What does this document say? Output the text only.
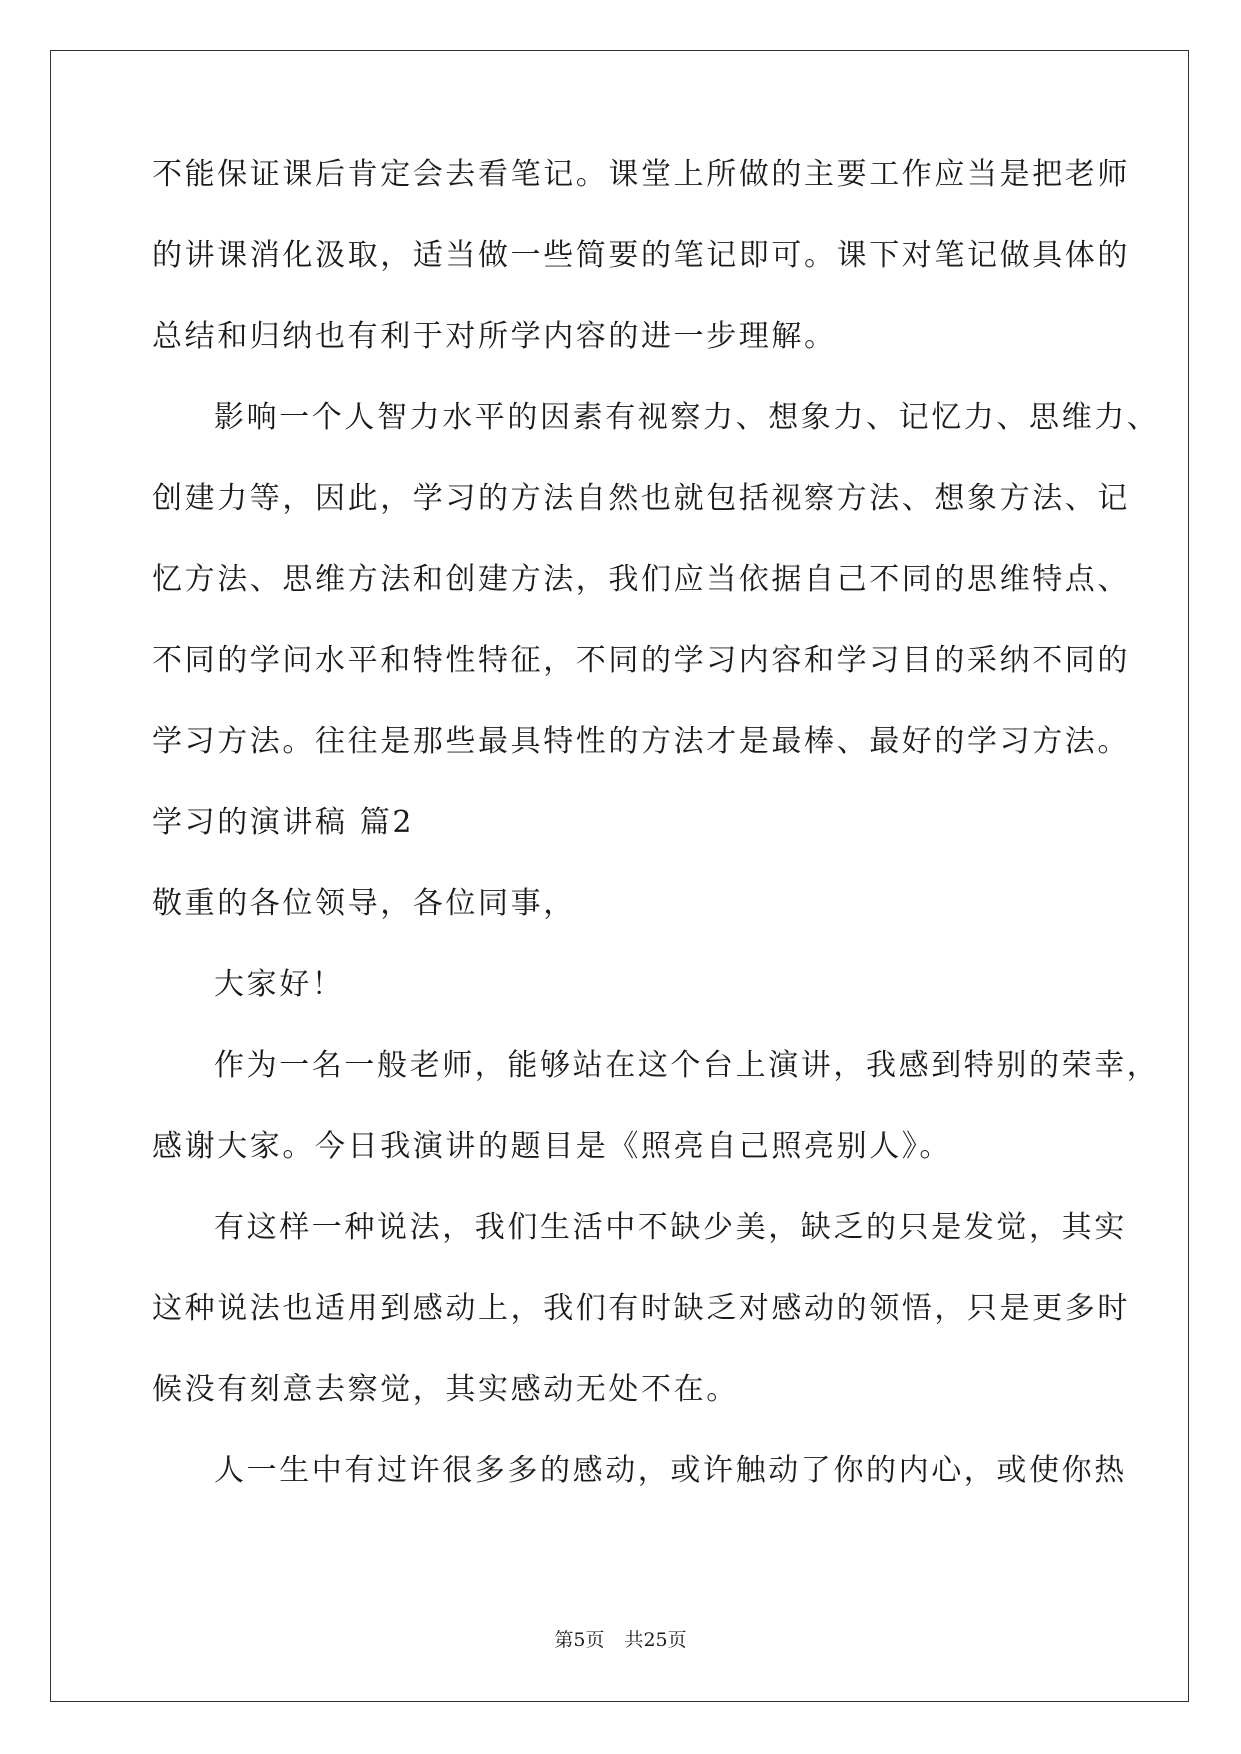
不能保证课后肯定会去看笔记。课堂上所做的主要工作应当是把老师
的讲课消化汲取，适当做一些简要的笔记即可。课下对笔记做具体的
总结和归纳也有利于对所学内容的进一步理解。
影响一个人智力水平的因素有视察力、想象力、记忆力、思维力、
创建力等，因此，学习的方法自然也就包括视察方法、想象方法、记
忆方法、思维方法和创建方法，我们应当依据自己不同的思维特点、
不同的学问水平和特性特征，不同的学习内容和学习目的采纳不同的
学习方法。往往是那些最具特性的方法才是最棒、最好的学习方法。
学习的演讲稿 篇2
敬重的各位领导，各位同事，
大家好！
作为一名一般老师，能够站在这个台上演讲，我感到特别的荣幸，
感谢大家。今日我演讲的题目是《照亮自己照亮别人》。
有这样一种说法，我们生活中不缺少美，缺乏的只是发觉，其实
这种说法也适用到感动上，我们有时缺乏对感动的领悟，只是更多时
候没有刻意去察觉，其实感动无处不在。
人一生中有过许很多多的感动，或许触动了你的内心，或使你热
第5页 共25页
